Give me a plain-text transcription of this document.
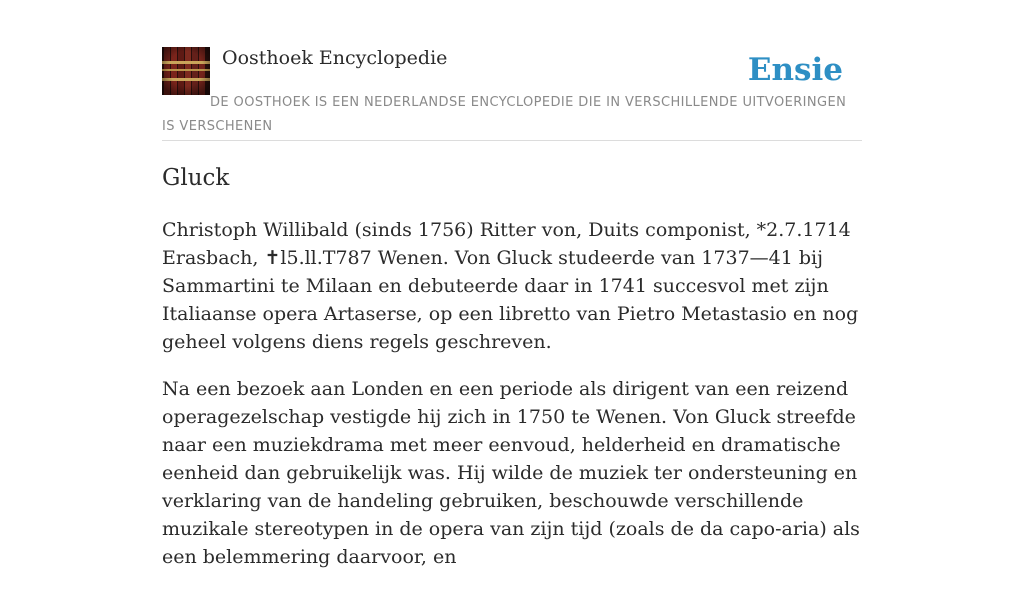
Oosthoek Encyclopedie	Ensie
DE OOSTHOEK IS EEN NEDERLANDSE ENCYCLOPEDIE DIE IN VERSCHILLENDE UITVOERINGEN IS VERSCHENEN
Gluck

Christoph Willibald (sinds 1756) Ritter von, Duits componist, *2.7.1714 Erasbach, ✝l5.ll.T787 Wenen. Von Gluck studeerde van 1737—41 bij Sammartini te Milaan en debuteerde daar in 1741 succesvol met zijn Italiaanse opera Artaserse, op een libretto van Pietro Metastasio en nog geheel volgens diens regels geschreven.

Na een bezoek aan Londen en een periode als dirigent van een reizend operagezelschap vestigde hij zich in 1750 te Wenen. Von Gluck streefde naar een muziekdrama met meer eenvoud, helderheid en dramatische eenheid dan gebruikelijk was. Hij wilde de muziek ter ondersteuning en verklaring van de handeling gebruiken, beschouwde verschillende muzikale stereotypen in de opera van zijn tijd (zoals de da capo-aria) als een belemmering daarvoor, en
